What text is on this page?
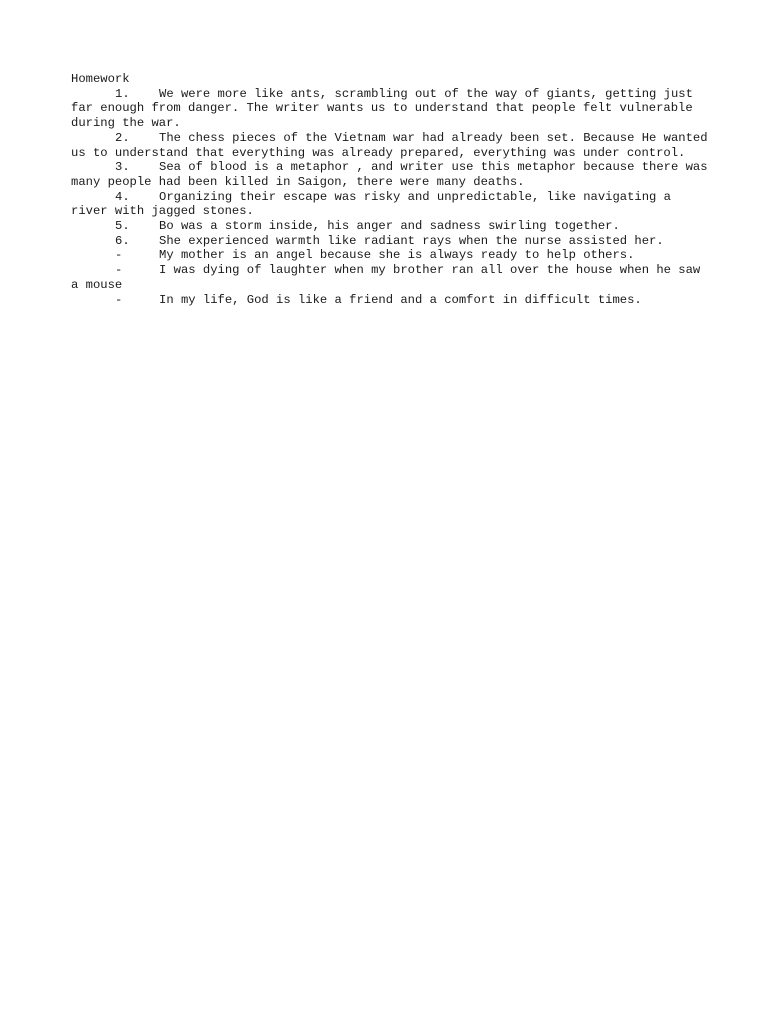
Homework
1. We were more like ants, scrambling out of the way of giants, getting just far enough from danger. The writer wants us to understand that people felt vulnerable during the war.
2. The chess pieces of the Vietnam war had already been set. Because He wanted us to understand that everything was already prepared, everything was under control.
3. Sea of blood is a metaphor , and writer use this metaphor because there was many people had been killed in Saigon, there were many deaths.
4. Organizing their escape was risky and unpredictable, like navigating a river with jagged stones.
5. Bo was a storm inside, his anger and sadness swirling together.
6. She experienced warmth like radiant rays when the nurse assisted her.
-	My mother is an angel because she is always ready to help others.
-	I was dying of laughter when my brother ran all over the house when he saw a mouse
-	In my life, God is like a friend and a comfort in difficult times.
